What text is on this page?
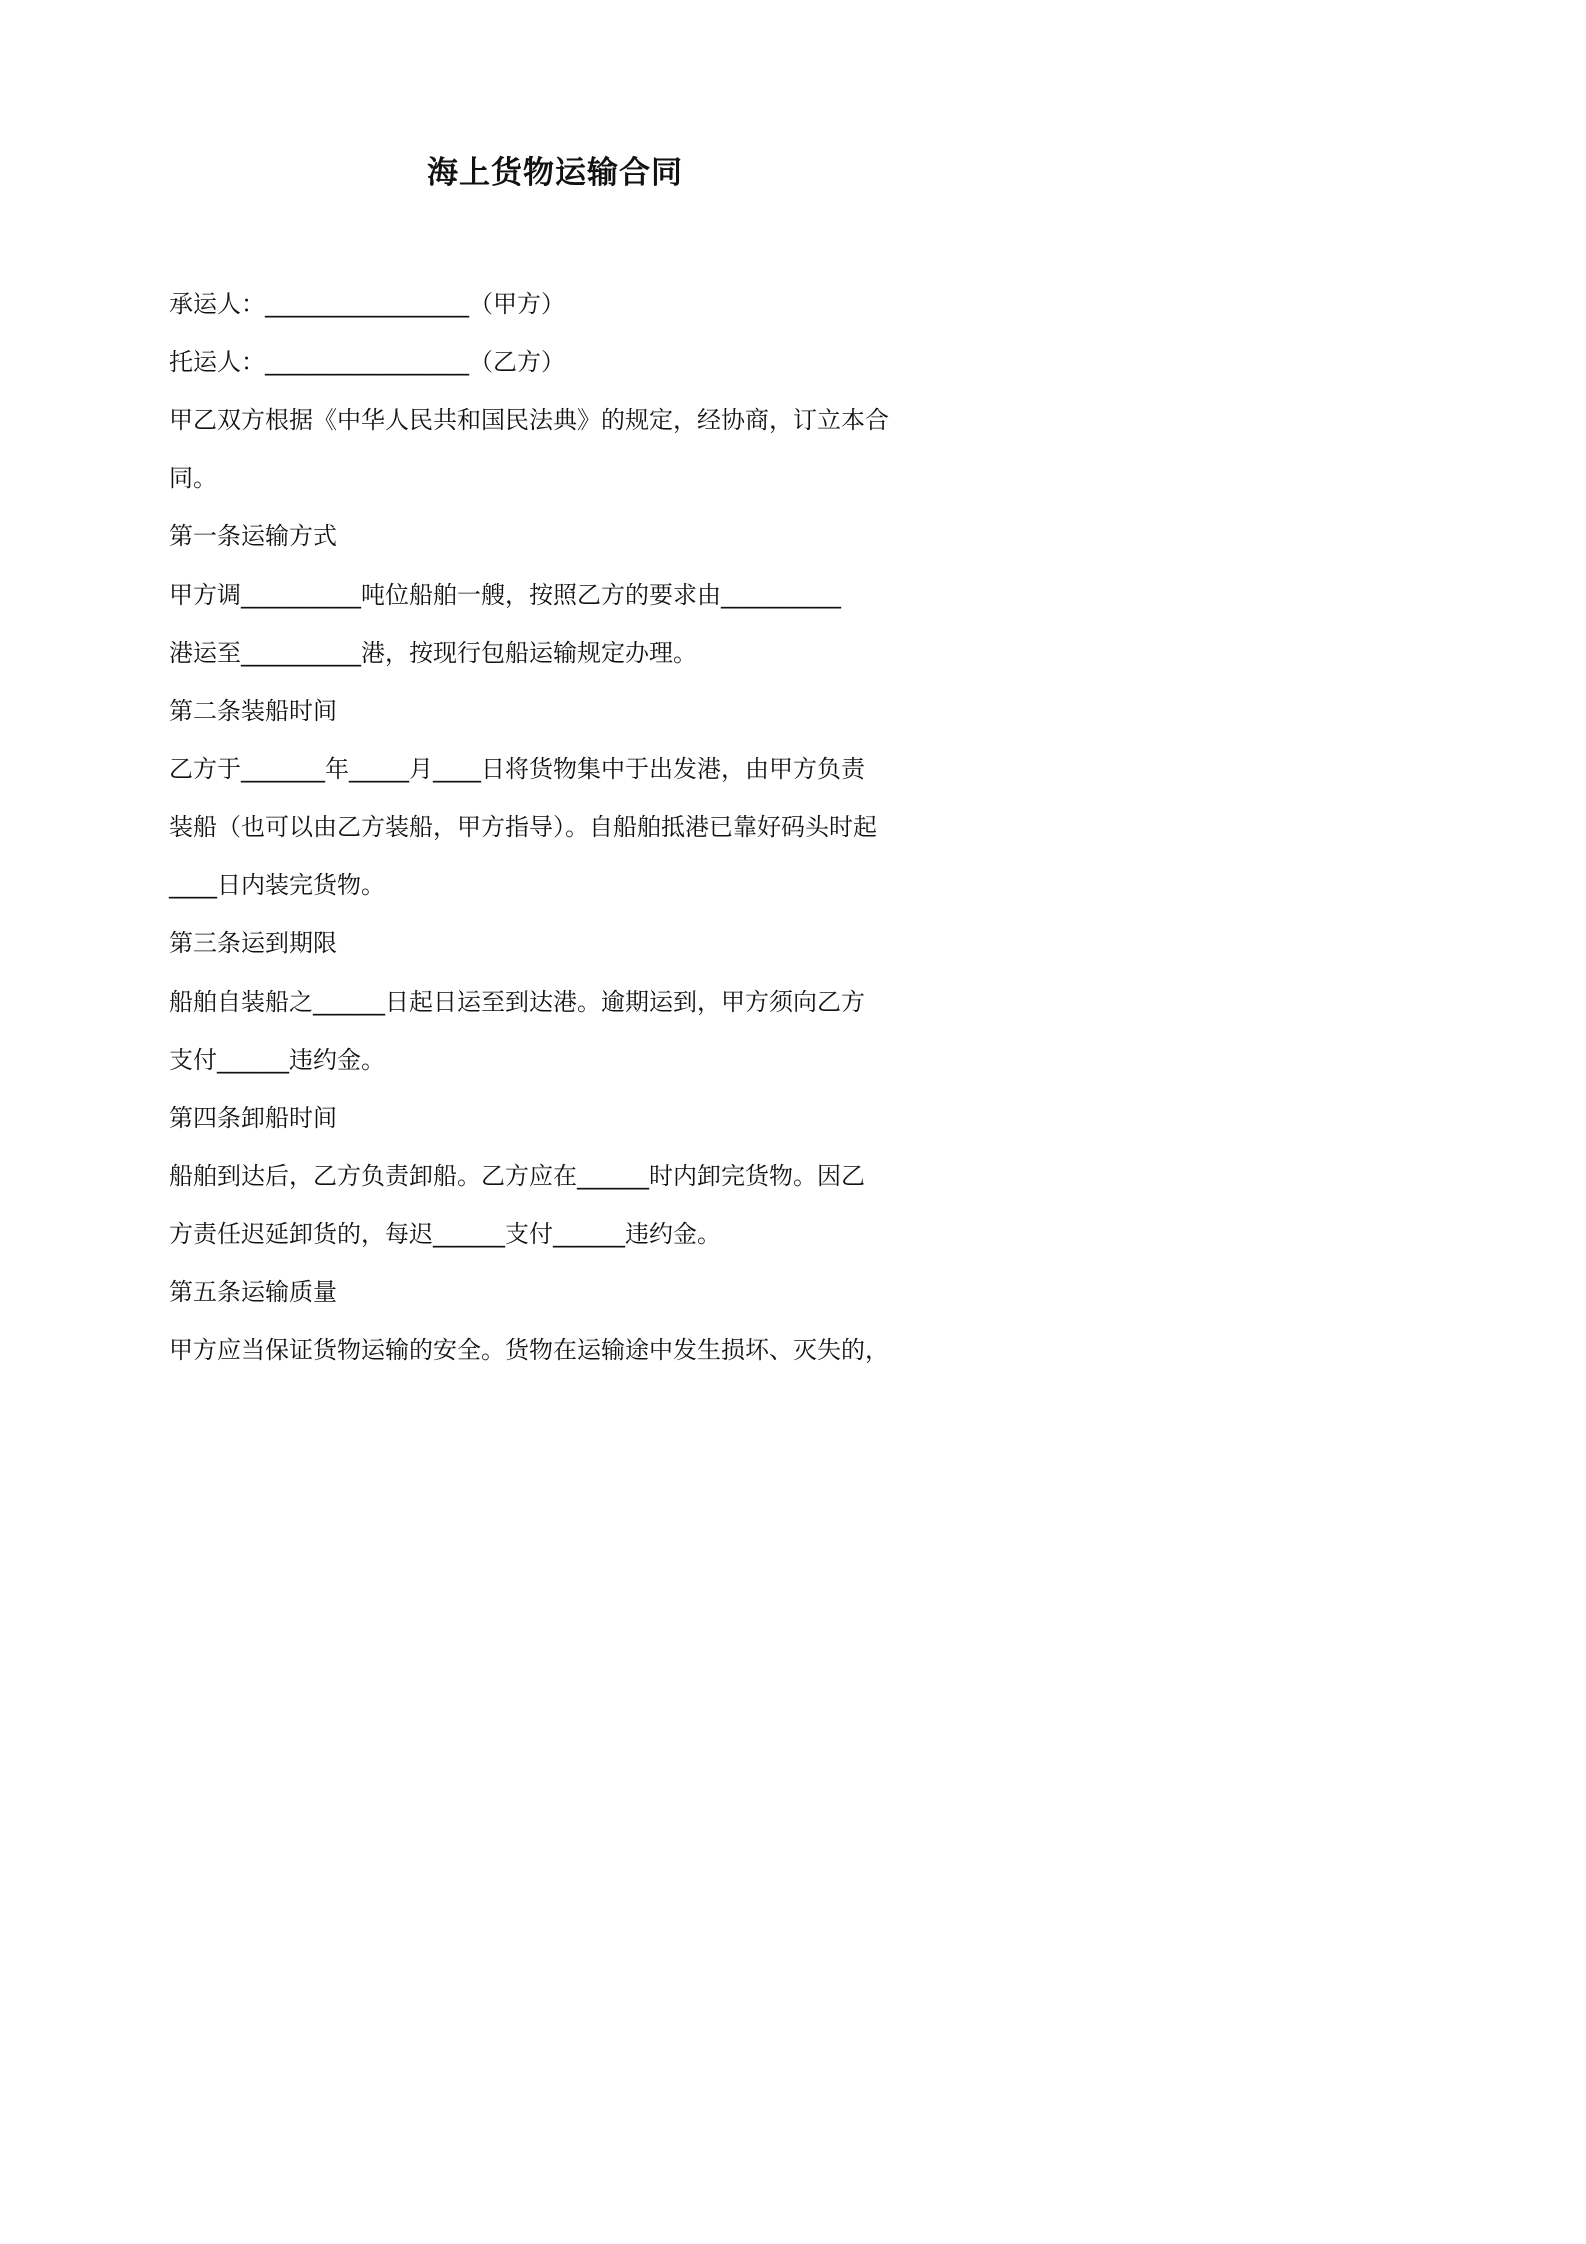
海上货物运输合同
承运人：_________________（甲方）
托运人：_________________（乙方）
甲乙双方根据《中华人民共和国民法典》的规定，经协商，订立本合
同。
第一条运输方式
甲方调__________吨位船舶一艘，按照乙方的要求由__________
港运至__________港，按现行包船运输规定办理。
第二条装船时间
乙方于_______年_____月____日将货物集中于出发港，由甲方负责
装船（也可以由乙方装船，甲方指导）。自船舶抵港已靠好码头时起
____日内装完货物。
第三条运到期限
船舶自装船之______日起日运至到达港。逾期运到，甲方须向乙方
支付______违约金。
第四条卸船时间
船舶到达后，乙方负责卸船。乙方应在______时内卸完货物。因乙
方责任迟延卸货的，每迟______支付______违约金。
第五条运输质量
甲方应当保证货物运输的安全。货物在运输途中发生损坏、灭失的，
